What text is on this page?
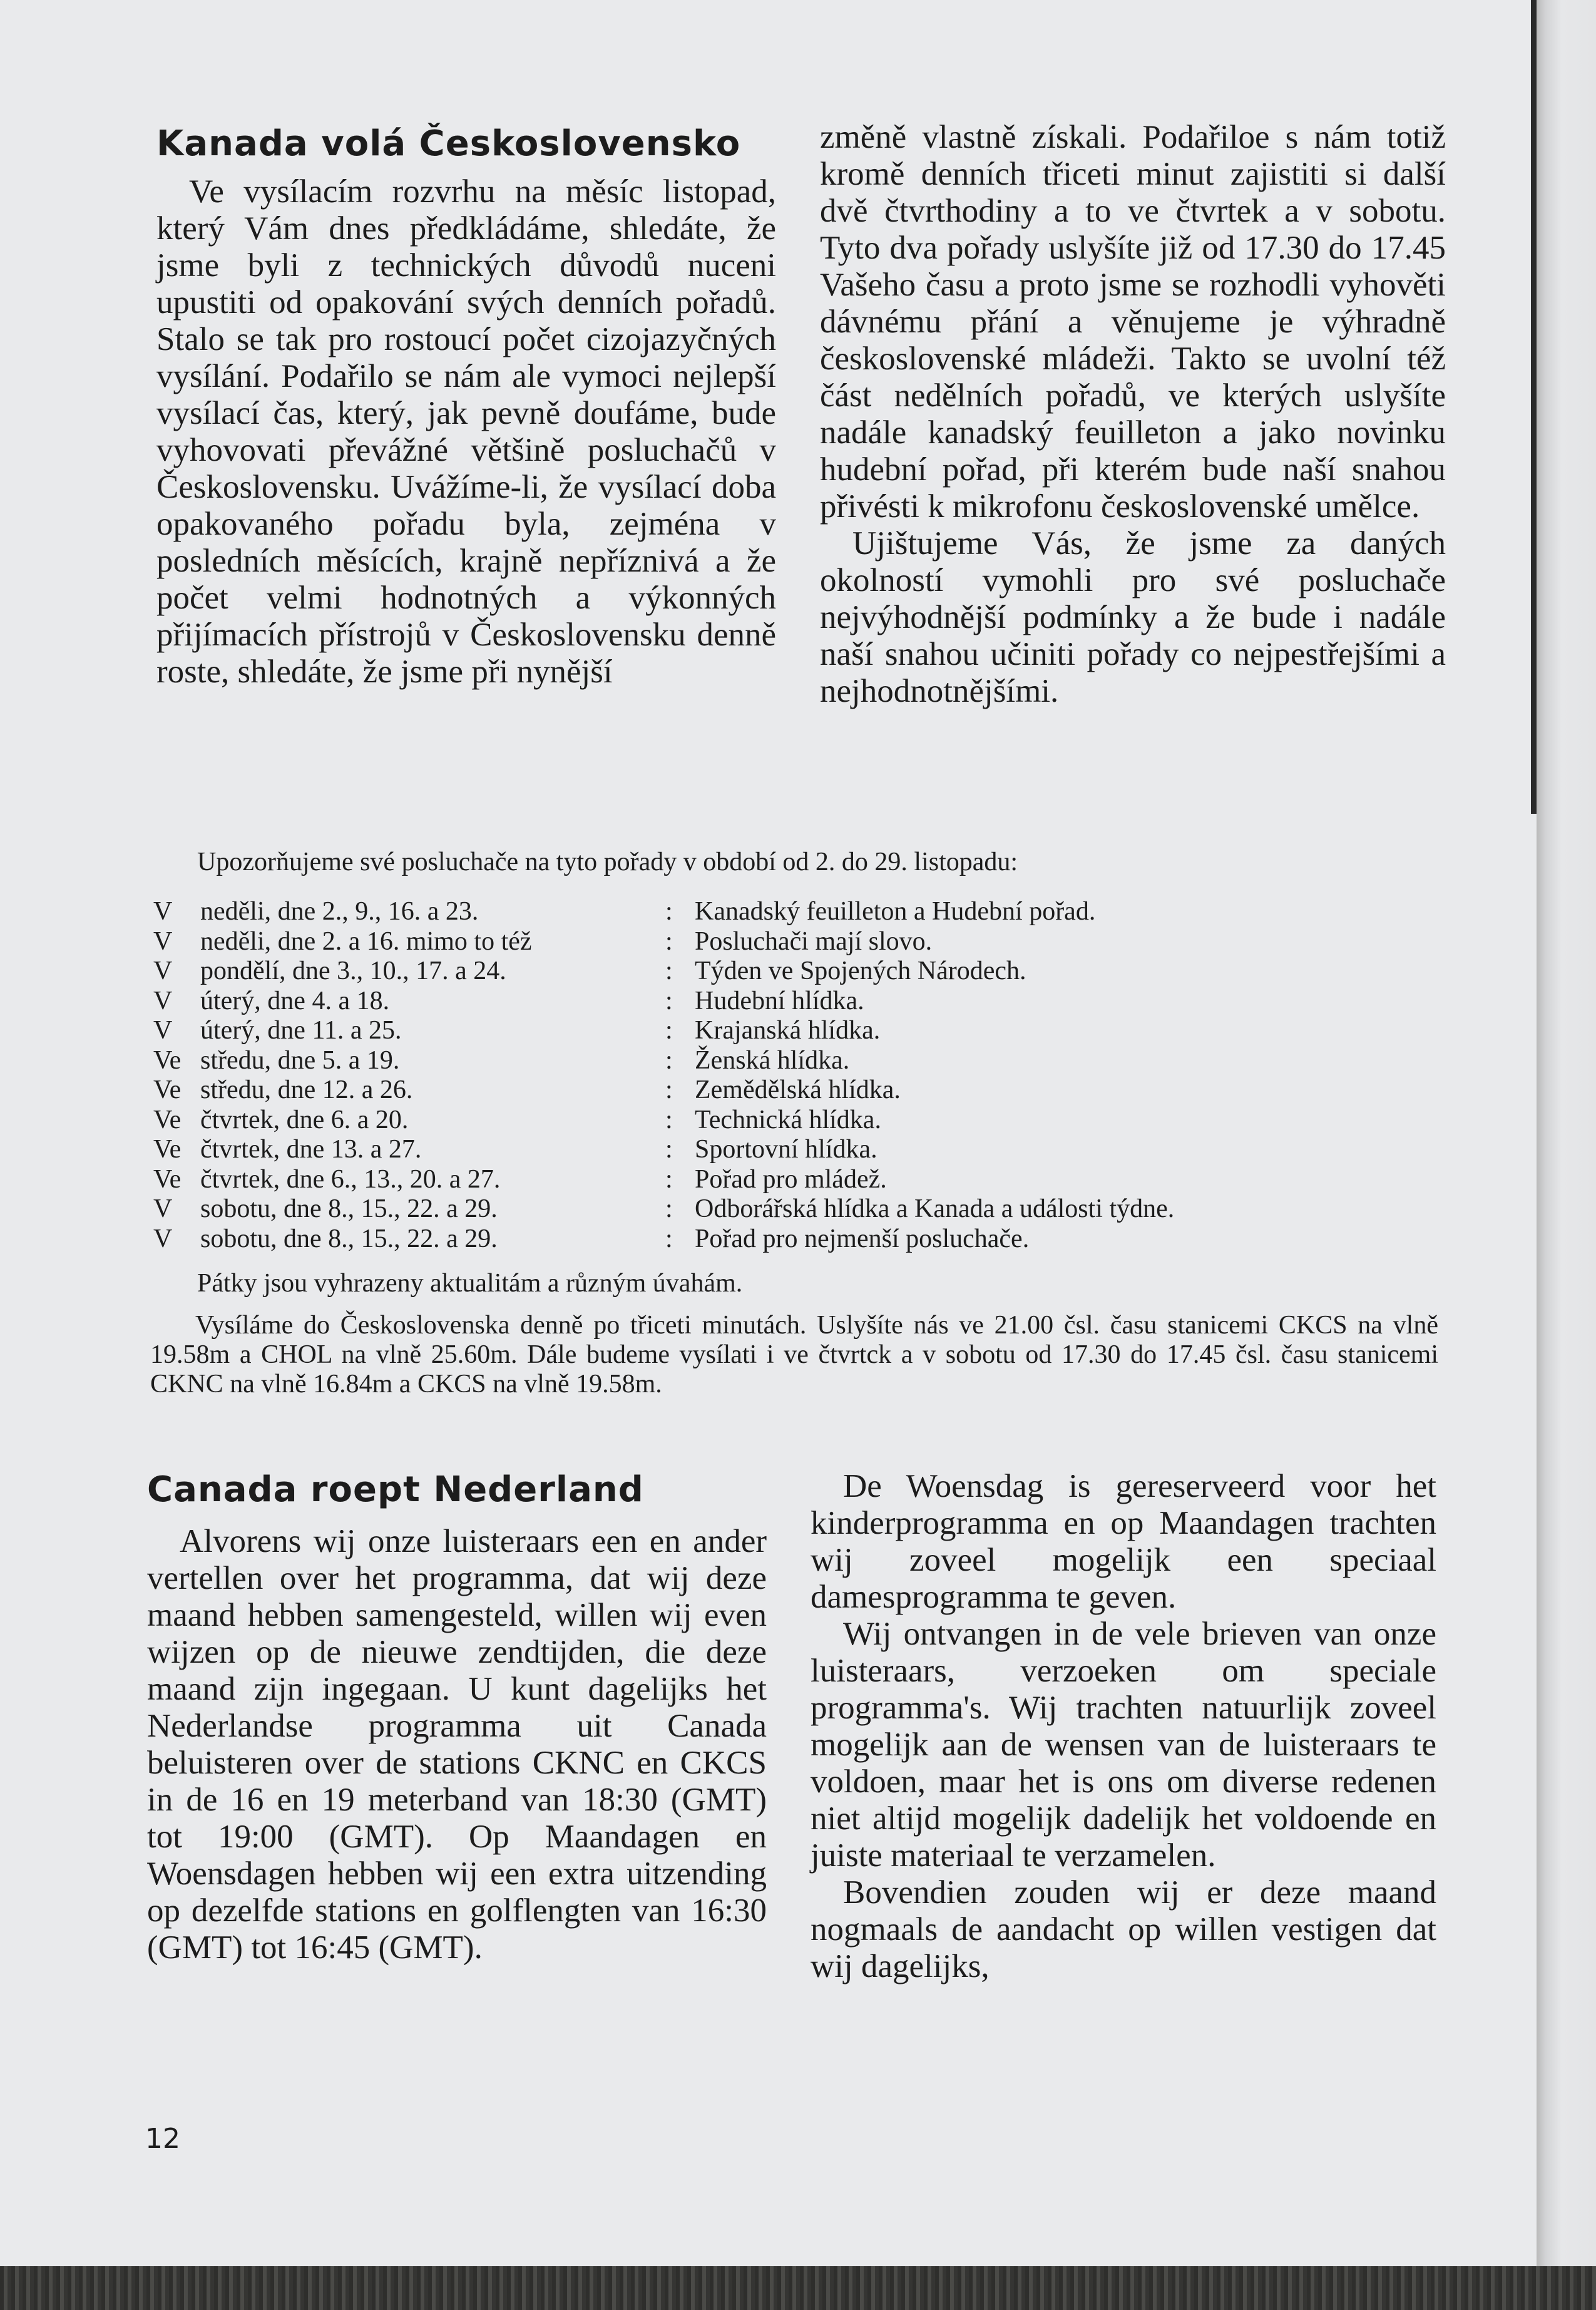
Kanada volá Československo

Ve vysílacím rozvrhu na měsíc listopad, který Vám dnes předkládáme, shledáte, že jsme byli z technických důvodů nuceni upustiti od opakování svých denních pořadů. Stalo se tak pro rostoucí počet cizojazyčných vysílání. Podařilo se nám ale vymoci nejlepší vysílací čas, který, jak pevně doufáme, bude vyhovovati převážné většině posluchačů v Československu. Uvážíme-li, že vysílací doba opakovaného pořadu byla, zejména v posledních měsících, krajně nepříznivá a že počet velmi hodnotných a výkonných přijímacích přístrojů v Československu denně roste, shledáte, že jsme při nynější

změně vlastně získali. Podařiloe s nám totiž kromě denních třiceti minut zajistiti si další dvě čtvrthodiny a to ve čtvrtek a v sobotu. Tyto dva pořady uslyšíte již od 17.30 do 17.45 Vašeho času a proto jsme se rozhodli vyhověti dávnému přání a věnujeme je výhradně československé mládeži. Takto se uvolní též část nedělních pořadů, ve kterých uslyšíte nadále kanadský feuilleton a jako novinku hudební pořad, při kterém bude naší snahou přivésti k mikrofonu československé umělce.

Ujištujeme Vás, že jsme za daných okolností vymohli pro své posluchače nejvýhodnější podmínky a že bude i nadále naší snahou učiniti pořady co nejpestřejšími a nejhodnotnějšími.

Upozorňujeme své posluchače na tyto pořady v období od 2. do 29. listopadu:
V neděli, dne 2., 9., 16. a 23.	: Kanadský feuilleton a Hudební pořad.
V neděli, dne 2. a 16. mimo to též	: Posluchači mají slovo.
V pondělí, dne 3., 10., 17. a 24.	: Týden ve Spojených Národech.
V úterý, dne 4. a 18.	: Hudební hlídka.
V úterý, dne 11. a 25.	: Krajanská hlídka.
Ve středu, dne 5. a 19.	: Ženská hlídka.
Ve středu, dne 12. a 26.	: Zemědělská hlídka.
Ve čtvrtek, dne 6. a 20.	: Technická hlídka.
Ve čtvrtek, dne 13. a 27.	: Sportovní hlídka.
Ve čtvrtek, dne 6., 13., 20. a 27.	: Pořad pro mládež.
V sobotu, dne 8., 15., 22. a 29.	: Odborářská hlídka a Kanada a události týdne.
V sobotu, dne 8., 15., 22. a 29.	: Pořad pro nejmenší posluchače.
Pátky jsou vyhrazeny aktualitám a různým úvahám.
Vysíláme do Československa denně po třiceti minutách. Uslyšíte nás ve 21.00 čsl. času stanicemi CKCS na vlně 19.58m a CHOL na vlně 25.60m. Dále budeme vysílati i ve čtvrtck a v sobotu od 17.30 do 17.45 čsl. času stanicemi CKNC na vlně 16.84m a CKCS na vlně 19.58m.
Canada roept Nederland

Alvorens wij onze luisteraars een en ander vertellen over het programma, dat wij deze maand hebben samengesteld, willen wij even wijzen op de nieuwe zendtijden, die deze maand zijn ingegaan. U kunt dagelijks het Nederlandse programma uit Canada beluisteren over de stations CKNC en CKCS in de 16 en 19 meterband van 18:30 (GMT) tot 19:00 (GMT). Op Maandagen en Woensdagen hebben wij een extra uitzending op dezelfde stations en golflengten van 16:30 (GMT) tot 16:45 (GMT).

De Woensdag is gereserveerd voor het kinderprogramma en op Maandagen trachten wij zoveel mogelijk een speciaal damesprogramma te geven.

Wij ontvangen in de vele brieven van onze luisteraars, verzoeken om speciale programma's. Wij trachten natuurlijk zoveel mogelijk aan de wensen van de luisteraars te voldoen, maar het is ons om diverse redenen niet altijd mogelijk dadelijk het voldoende en juiste materiaal te verzamelen.

Bovendien zouden wij er deze maand nogmaals de aandacht op willen vestigen dat wij dagelijks,

12
